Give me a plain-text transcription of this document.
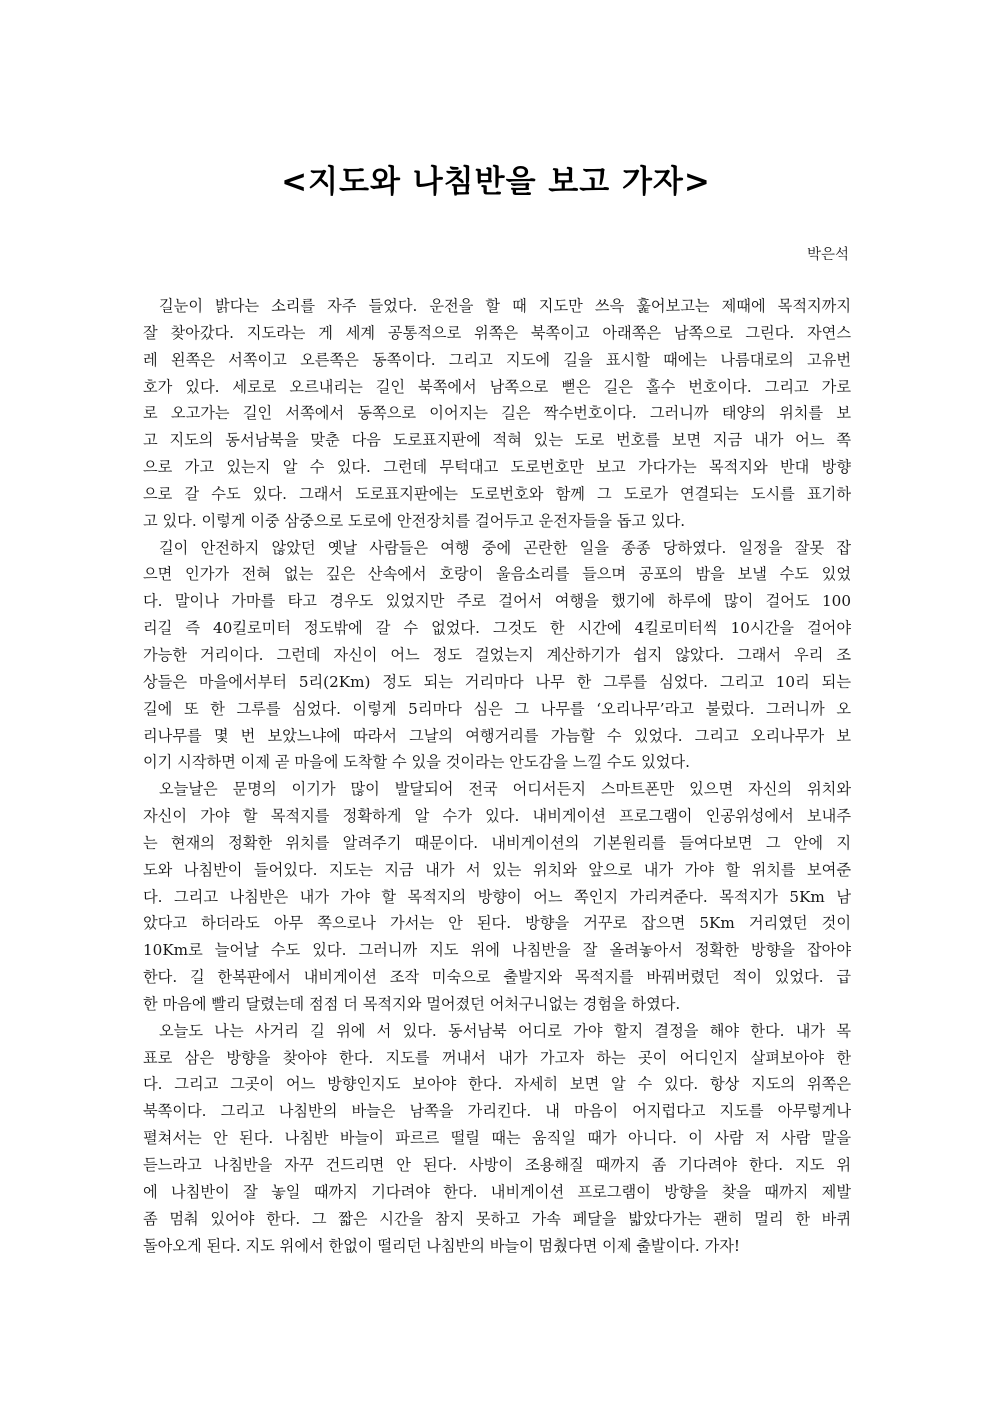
<지도와 나침반을 보고 가자>
박은석
길눈이 밝다는 소리를 자주 들었다. 운전을 할 때 지도만 쓰윽 훑어보고는 제때에 목적지까지
잘 찾아갔다. 지도라는 게 세계 공통적으로 위쪽은 북쪽이고 아래쪽은 남쪽으로 그린다. 자연스
레 왼쪽은 서쪽이고 오른쪽은 동쪽이다. 그리고 지도에 길을 표시할 때에는 나름대로의 고유번
호가 있다. 세로로 오르내리는 길인 북쪽에서 남쪽으로 뻗은 길은 홀수 번호이다. 그리고 가로
로 오고가는 길인 서쪽에서 동쪽으로 이어지는 길은 짝수번호이다. 그러니까 태양의 위치를 보
고 지도의 동서남북을 맞춘 다음 도로표지판에 적혀 있는 도로 번호를 보면 지금 내가 어느 쪽
으로 가고 있는지 알 수 있다. 그런데 무턱대고 도로번호만 보고 가다가는 목적지와 반대 방향
으로 갈 수도 있다. 그래서 도로표지판에는 도로번호와 함께 그 도로가 연결되는 도시를 표기하
고 있다. 이렇게 이중 삼중으로 도로에 안전장치를 걸어두고 운전자들을 돕고 있다.
길이 안전하지 않았던 옛날 사람들은 여행 중에 곤란한 일을 종종 당하였다. 일정을 잘못 잡
으면 인가가 전혀 없는 깊은 산속에서 호랑이 울음소리를 들으며 공포의 밤을 보낼 수도 있었
다. 말이나 가마를 타고 경우도 있었지만 주로 걸어서 여행을 했기에 하루에 많이 걸어도 100
리길 즉 40킬로미터 정도밖에 갈 수 없었다. 그것도 한 시간에 4킬로미터씩 10시간을 걸어야
가능한 거리이다. 그런데 자신이 어느 정도 걸었는지 계산하기가 쉽지 않았다. 그래서 우리 조
상들은 마을에서부터 5리(2Km) 정도 되는 거리마다 나무 한 그루를 심었다. 그리고 10리 되는
길에 또 한 그루를 심었다. 이렇게 5리마다 심은 그 나무를 ‘오리나무’라고 불렀다. 그러니까 오
리나무를 몇 번 보았느냐에 따라서 그날의 여행거리를 가늠할 수 있었다. 그리고 오리나무가 보
이기 시작하면 이제 곧 마을에 도착할 수 있을 것이라는 안도감을 느낄 수도 있었다.
오늘날은 문명의 이기가 많이 발달되어 전국 어디서든지 스마트폰만 있으면 자신의 위치와
자신이 가야 할 목적지를 정확하게 알 수가 있다. 내비게이션 프로그램이 인공위성에서 보내주
는 현재의 정확한 위치를 알려주기 때문이다. 내비게이션의 기본원리를 들여다보면 그 안에 지
도와 나침반이 들어있다. 지도는 지금 내가 서 있는 위치와 앞으로 내가 가야 할 위치를 보여준
다. 그리고 나침반은 내가 가야 할 목적지의 방향이 어느 쪽인지 가리켜준다. 목적지가 5Km 남
았다고 하더라도 아무 쪽으로나 가서는 안 된다. 방향을 거꾸로 잡으면 5Km 거리였던 것이
10Km로 늘어날 수도 있다. 그러니까 지도 위에 나침반을 잘 올려놓아서 정확한 방향을 잡아야
한다. 길 한복판에서 내비게이션 조작 미숙으로 출발지와 목적지를 바꿔버렸던 적이 있었다. 급
한 마음에 빨리 달렸는데 점점 더 목적지와 멀어졌던 어처구니없는 경험을 하였다.
오늘도 나는 사거리 길 위에 서 있다. 동서남북 어디로 가야 할지 결정을 해야 한다. 내가 목
표로 삼은 방향을 찾아야 한다. 지도를 꺼내서 내가 가고자 하는 곳이 어디인지 살펴보아야 한
다. 그리고 그곳이 어느 방향인지도 보아야 한다. 자세히 보면 알 수 있다. 항상 지도의 위쪽은
북쪽이다. 그리고 나침반의 바늘은 남쪽을 가리킨다. 내 마음이 어지럽다고 지도를 아무렇게나
펼쳐서는 안 된다. 나침반 바늘이 파르르 떨릴 때는 움직일 때가 아니다. 이 사람 저 사람 말을
듣느라고 나침반을 자꾸 건드리면 안 된다. 사방이 조용해질 때까지 좀 기다려야 한다. 지도 위
에 나침반이 잘 놓일 때까지 기다려야 한다. 내비게이션 프로그램이 방향을 찾을 때까지 제발
좀 멈춰 있어야 한다. 그 짧은 시간을 참지 못하고 가속 페달을 밟았다가는 괜히 멀리 한 바퀴
돌아오게 된다. 지도 위에서 한없이 떨리던 나침반의 바늘이 멈췄다면 이제 출발이다. 가자!
